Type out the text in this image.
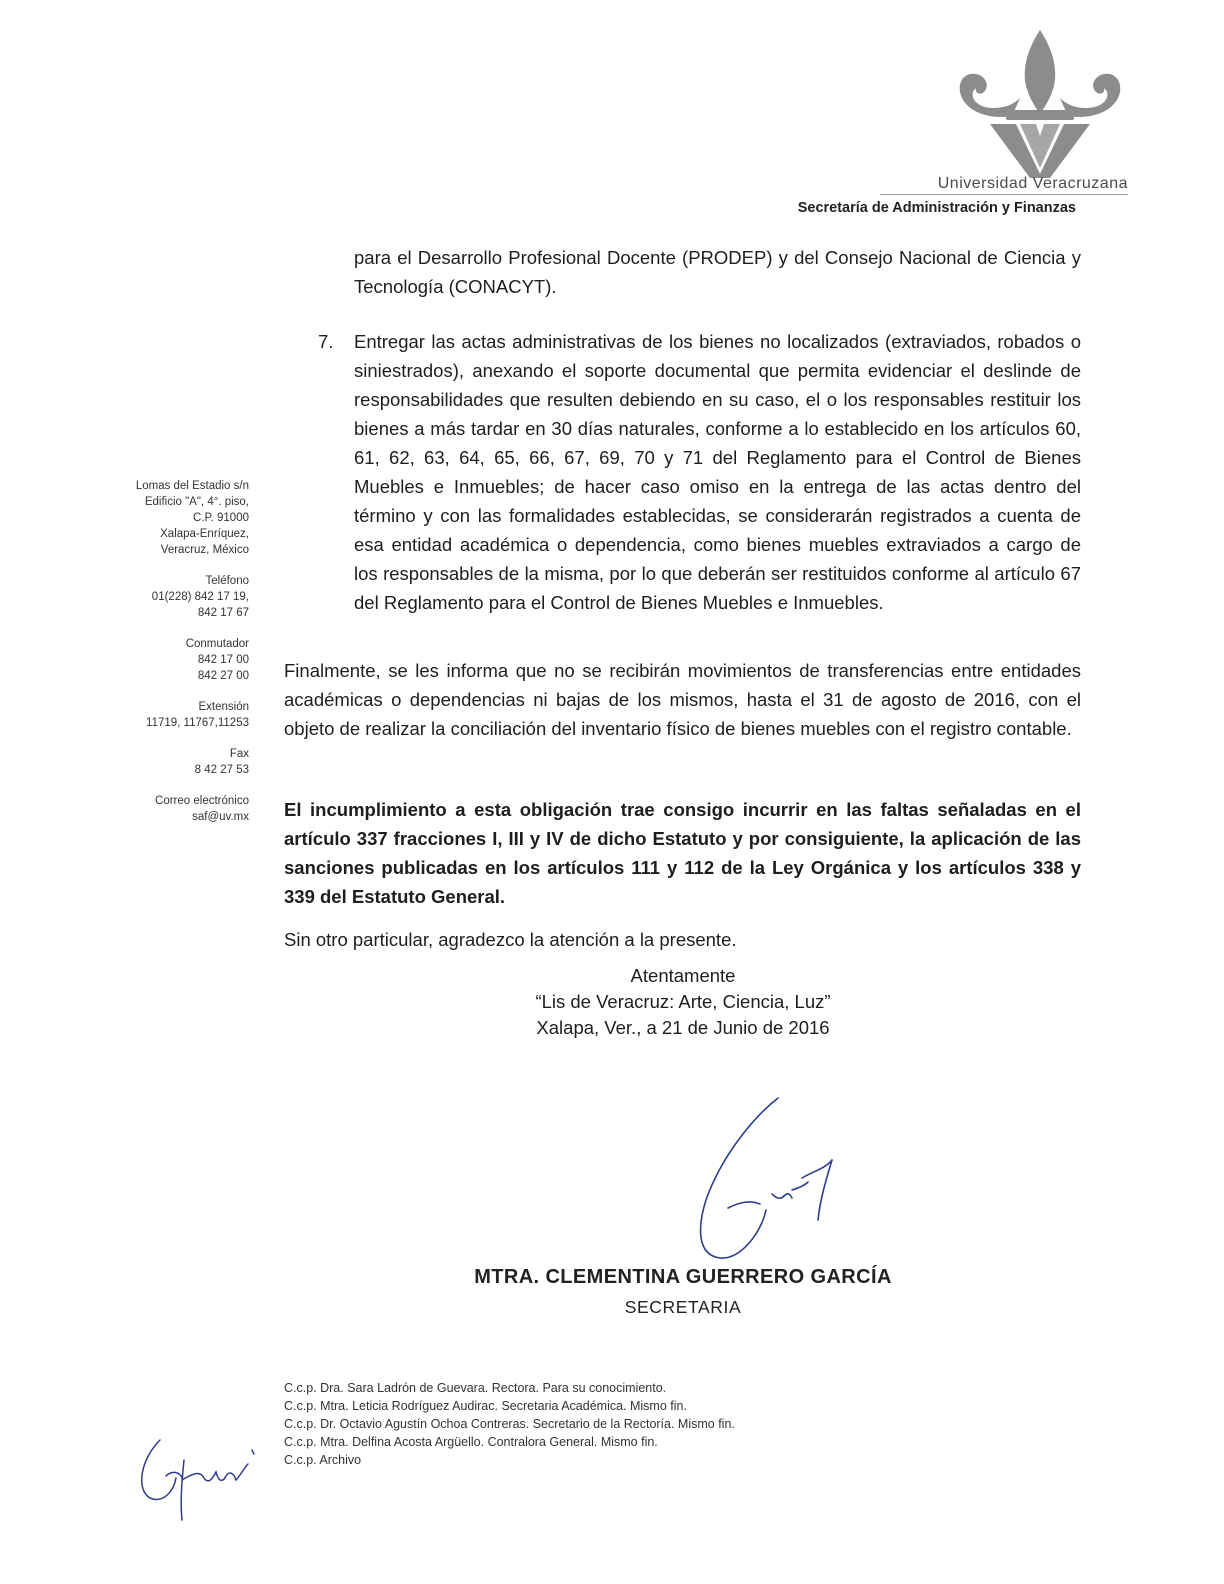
Universidad Veracruzana
Secretaría de Administración y Finanzas
Lomas del Estadio s/n
Edificio "A", 4°. piso,
C.P. 91000
Xalapa-Enríquez,
Veracruz, México
Teléfono
01(228) 842 17 19,
842 17 67
Conmutador
842 17 00
842 27 00
Extensión
11719, 11767,11253
Fax
8 42 27 53
Correo electrónico
saf@uv.mx
para el Desarrollo Profesional Docente (PRODEP) y del Consejo Nacional de Ciencia y Tecnología (CONACYT).
7. Entregar las actas administrativas de los bienes no localizados (extraviados, robados o siniestrados), anexando el soporte documental que permita evidenciar el deslinde de responsabilidades que resulten debiendo en su caso, el o los responsables restituir los bienes a más tardar en 30 días naturales, conforme a lo establecido en los artículos 60, 61, 62, 63, 64, 65, 66, 67, 69, 70 y 71 del Reglamento para el Control de Bienes Muebles e Inmuebles; de hacer caso omiso en la entrega de las actas dentro del término y con las formalidades establecidas, se considerarán registrados a cuenta de esa entidad académica o dependencia, como bienes muebles extraviados a cargo de los responsables de la misma, por lo que deberán ser restituidos conforme al artículo 67 del Reglamento para el Control de Bienes Muebles e Inmuebles.
Finalmente, se les informa que no se recibirán movimientos de transferencias entre entidades académicas o dependencias ni bajas de los mismos, hasta el 31 de agosto de 2016, con el objeto de realizar la conciliación del inventario físico de bienes muebles con el registro contable.
El incumplimiento a esta obligación trae consigo incurrir en las faltas señaladas en el artículo 337 fracciones I, III y IV de dicho Estatuto y por consiguiente, la aplicación de las sanciones publicadas en los artículos 111 y 112 de la Ley Orgánica y los artículos 338 y 339 del Estatuto General.
Sin otro particular, agradezco la atención a la presente.
Atentamente
“Lis de Veracruz: Arte, Ciencia, Luz”
Xalapa, Ver., a 21 de Junio de 2016
MTRA. CLEMENTINA GUERRERO GARCÍA
SECRETARIA
C.c.p. Dra. Sara Ladrón de Guevara. Rectora. Para su conocimiento.
C.c.p. Mtra. Leticia Rodríguez Audirac. Secretaria Académica. Mismo fin.
C.c.p. Dr. Octavio Agustín Ochoa Contreras. Secretario de la Rectoría. Mismo fin.
C.c.p. Mtra. Delfina Acosta Argüello. Contralora General. Mismo fin.
C.c.p. Archivo
